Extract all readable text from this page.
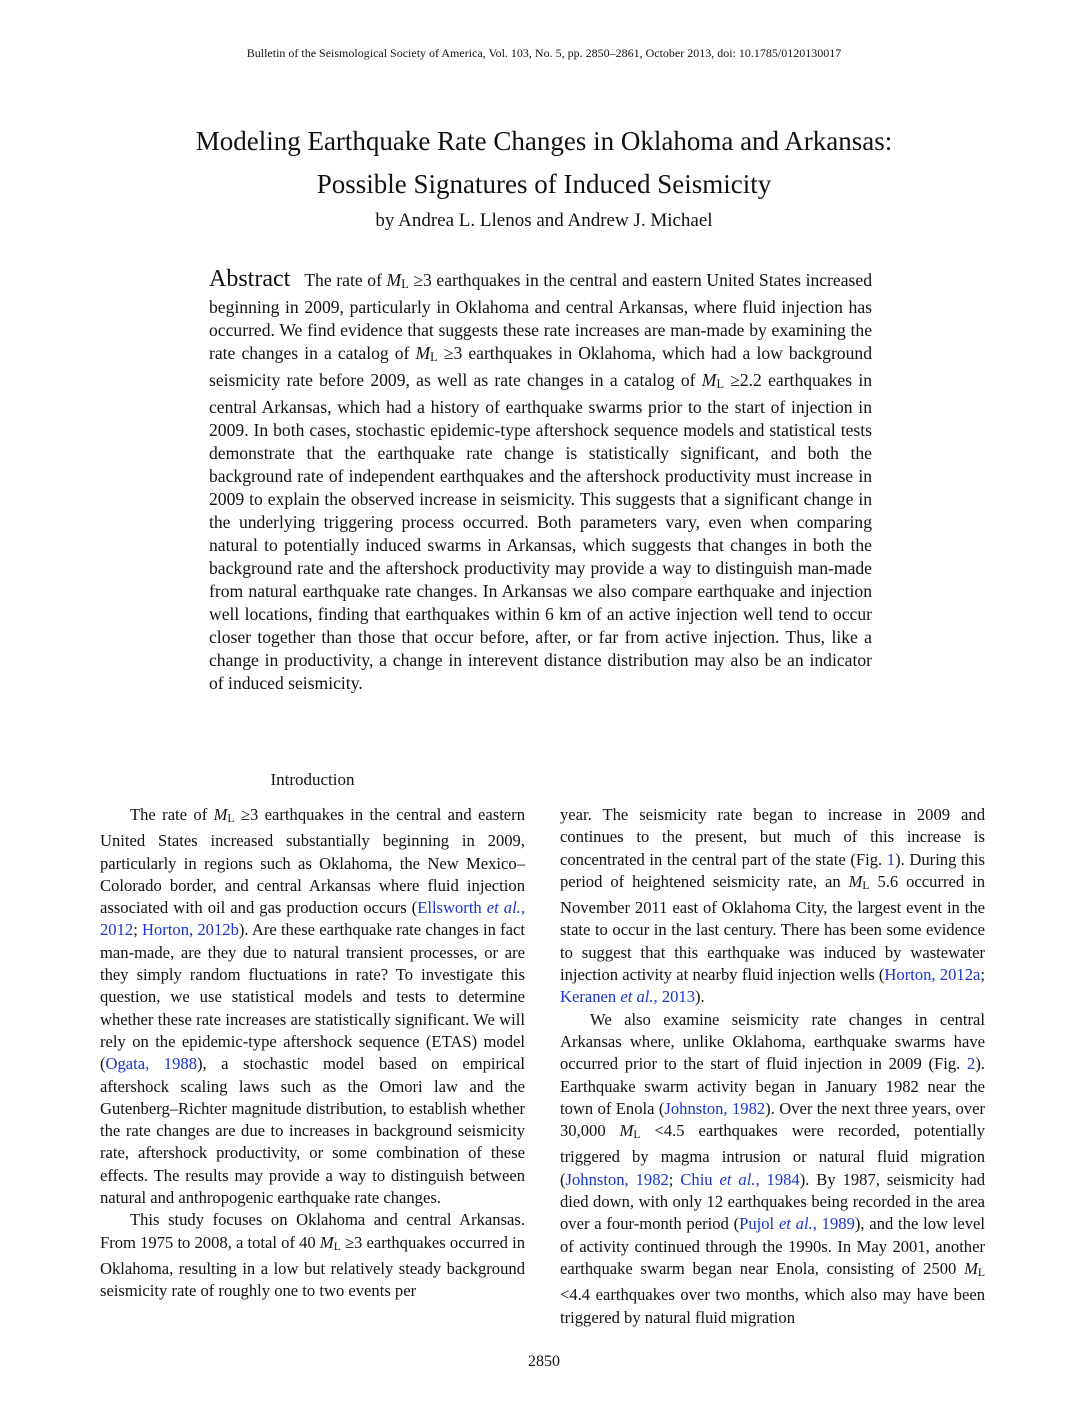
Bulletin of the Seismological Society of America, Vol. 103, No. 5, pp. 2850–2861, October 2013, doi: 10.1785/0120130017
Modeling Earthquake Rate Changes in Oklahoma and Arkansas:
Possible Signatures of Induced Seismicity
by Andrea L. Llenos and Andrew J. Michael
Abstract The rate of ML ≥3 earthquakes in the central and eastern United States increased beginning in 2009, particularly in Oklahoma and central Arkansas, where fluid injection has occurred. We find evidence that suggests these rate increases are man-made by examining the rate changes in a catalog of ML ≥3 earthquakes in Oklahoma, which had a low background seismicity rate before 2009, as well as rate changes in a catalog of ML ≥2.2 earthquakes in central Arkansas, which had a history of earthquake swarms prior to the start of injection in 2009. In both cases, stochastic epidemic-type aftershock sequence models and statistical tests demonstrate that the earthquake rate change is statistically significant, and both the background rate of independent earthquakes and the aftershock productivity must increase in 2009 to explain the observed increase in seismicity. This suggests that a significant change in the underlying triggering process occurred. Both parameters vary, even when comparing natural to potentially induced swarms in Arkansas, which suggests that changes in both the background rate and the aftershock productivity may provide a way to distinguish man-made from natural earthquake rate changes. In Arkansas we also compare earthquake and injection well locations, finding that earthquakes within 6 km of an active injection well tend to occur closer together than those that occur before, after, or far from active injection. Thus, like a change in productivity, a change in interevent distance distribution may also be an indicator of induced seismicity.
Introduction

The rate of ML ≥3 earthquakes in the central and eastern United States increased substantially beginning in 2009, particularly in regions such as Oklahoma, the New Mexico–Colorado border, and central Arkansas where fluid injection associated with oil and gas production occurs (Ellsworth et al., 2012; Horton, 2012b). Are these earthquake rate changes in fact man-made, are they due to natural transient processes, or are they simply random fluctuations in rate? To investigate this question, we use statistical models and tests to determine whether these rate increases are statistically significant. We will rely on the epidemic-type aftershock sequence (ETAS) model (Ogata, 1988), a stochastic model based on empirical aftershock scaling laws such as the Omori law and the Gutenberg–Richter magnitude distribution, to establish whether the rate changes are due to increases in background seismicity rate, aftershock productivity, or some combination of these effects. The results may provide a way to distinguish between natural and anthropogenic earthquake rate changes.

This study focuses on Oklahoma and central Arkansas. From 1975 to 2008, a total of 40 ML ≥3 earthquakes occurred in Oklahoma, resulting in a low but relatively steady background seismicity rate of roughly one to two events per

year. The seismicity rate began to increase in 2009 and continues to the present, but much of this increase is concentrated in the central part of the state (Fig. 1). During this period of heightened seismicity rate, an ML 5.6 occurred in November 2011 east of Oklahoma City, the largest event in the state to occur in the last century. There has been some evidence to suggest that this earthquake was induced by wastewater injection activity at nearby fluid injection wells (Horton, 2012a; Keranen et al., 2013).

We also examine seismicity rate changes in central Arkansas where, unlike Oklahoma, earthquake swarms have occurred prior to the start of fluid injection in 2009 (Fig. 2). Earthquake swarm activity began in January 1982 near the town of Enola (Johnston, 1982). Over the next three years, over 30,000 ML <4.5 earthquakes were recorded, potentially triggered by magma intrusion or natural fluid migration (Johnston, 1982; Chiu et al., 1984). By 1987, seismicity had died down, with only 12 earthquakes being recorded in the area over a four-month period (Pujol et al., 1989), and the low level of activity continued through the 1990s. In May 2001, another earthquake swarm began near Enola, consisting of 2500 ML <4.4 earthquakes over two months, which also may have been triggered by natural fluid migration

2850
